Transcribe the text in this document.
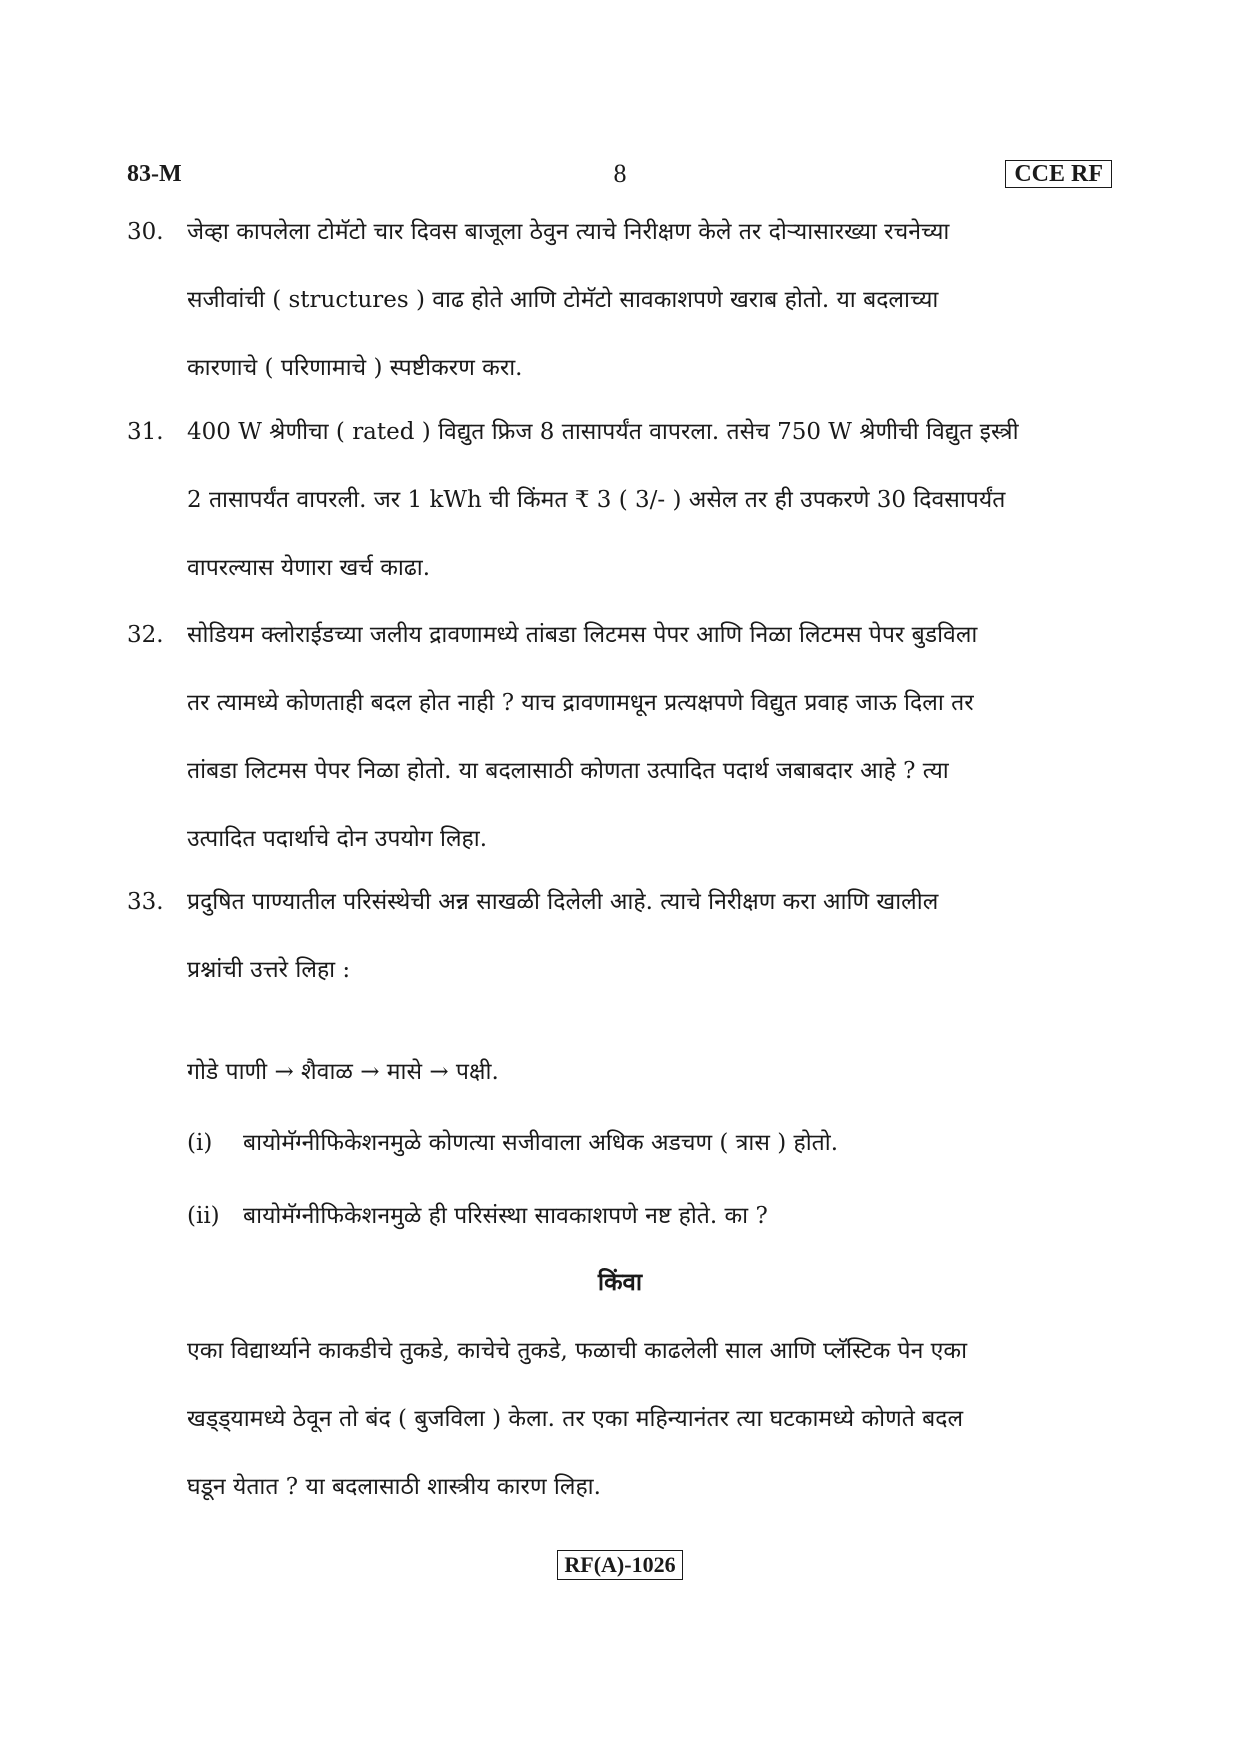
83-M	8	CCE RF
30. जेव्हा कापलेला टोमॅटो चार दिवस बाजूला ठेवुन त्याचे निरीक्षण केले तर दोऱ्यासारख्या रचनेच्या
सजीवांची ( structures ) वाढ होते आणि टोमॅटो सावकाशपणे खराब होतो. या बदलाच्या
कारणाचे ( परिणामाचे ) स्पष्टीकरण करा.
31. 400 W श्रेणीचा ( rated ) विद्युत फ्रिज 8 तासापर्यंत वापरला. तसेच 750 W श्रेणीची विद्युत इस्त्री
2 तासापर्यंत वापरली. जर 1 kWh ची किंमत ₹ 3 ( 3/- ) असेल तर ही उपकरणे 30 दिवसापर्यंत
वापरल्यास येणारा खर्च काढा.
32. सोडियम क्लोराईडच्या जलीय द्रावणामध्ये तांबडा लिटमस पेपर आणि निळा लिटमस पेपर बुडविला
तर त्यामध्ये कोणताही बदल होत नाही ? याच द्रावणामधून प्रत्यक्षपणे विद्युत प्रवाह जाऊ दिला तर
तांबडा लिटमस पेपर निळा होतो. या बदलासाठी कोणता उत्पादित पदार्थ जबाबदार आहे ? त्या
उत्पादित पदार्थाचे दोन उपयोग लिहा.
33. प्रदुषित पाण्यातील परिसंस्थेची अन्न साखळी दिलेली आहे. त्याचे निरीक्षण करा आणि खालील
प्रश्नांची उत्तरे लिहा :
गोडे पाणी → शैवाळ → मासे → पक्षी.
(i) बायोमॅग्नीफिकेशनमुळे कोणत्या सजीवाला अधिक अडचण ( त्रास ) होतो.
(ii) बायोमॅग्नीफिकेशनमुळे ही परिसंस्था सावकाशपणे नष्ट होते. का ?
किंवा
एका विद्यार्थ्याने काकडीचे तुकडे, काचेचे तुकडे, फळाची काढलेली साल आणि प्लॅस्टिक पेन एका
खड्ड्यामध्ये ठेवून तो बंद ( बुजविला ) केला. तर एका महिन्यानंतर त्या घटकामध्ये कोणते बदल
घडून येतात ? या बदलासाठी शास्त्रीय कारण लिहा.
RF(A)-1026
